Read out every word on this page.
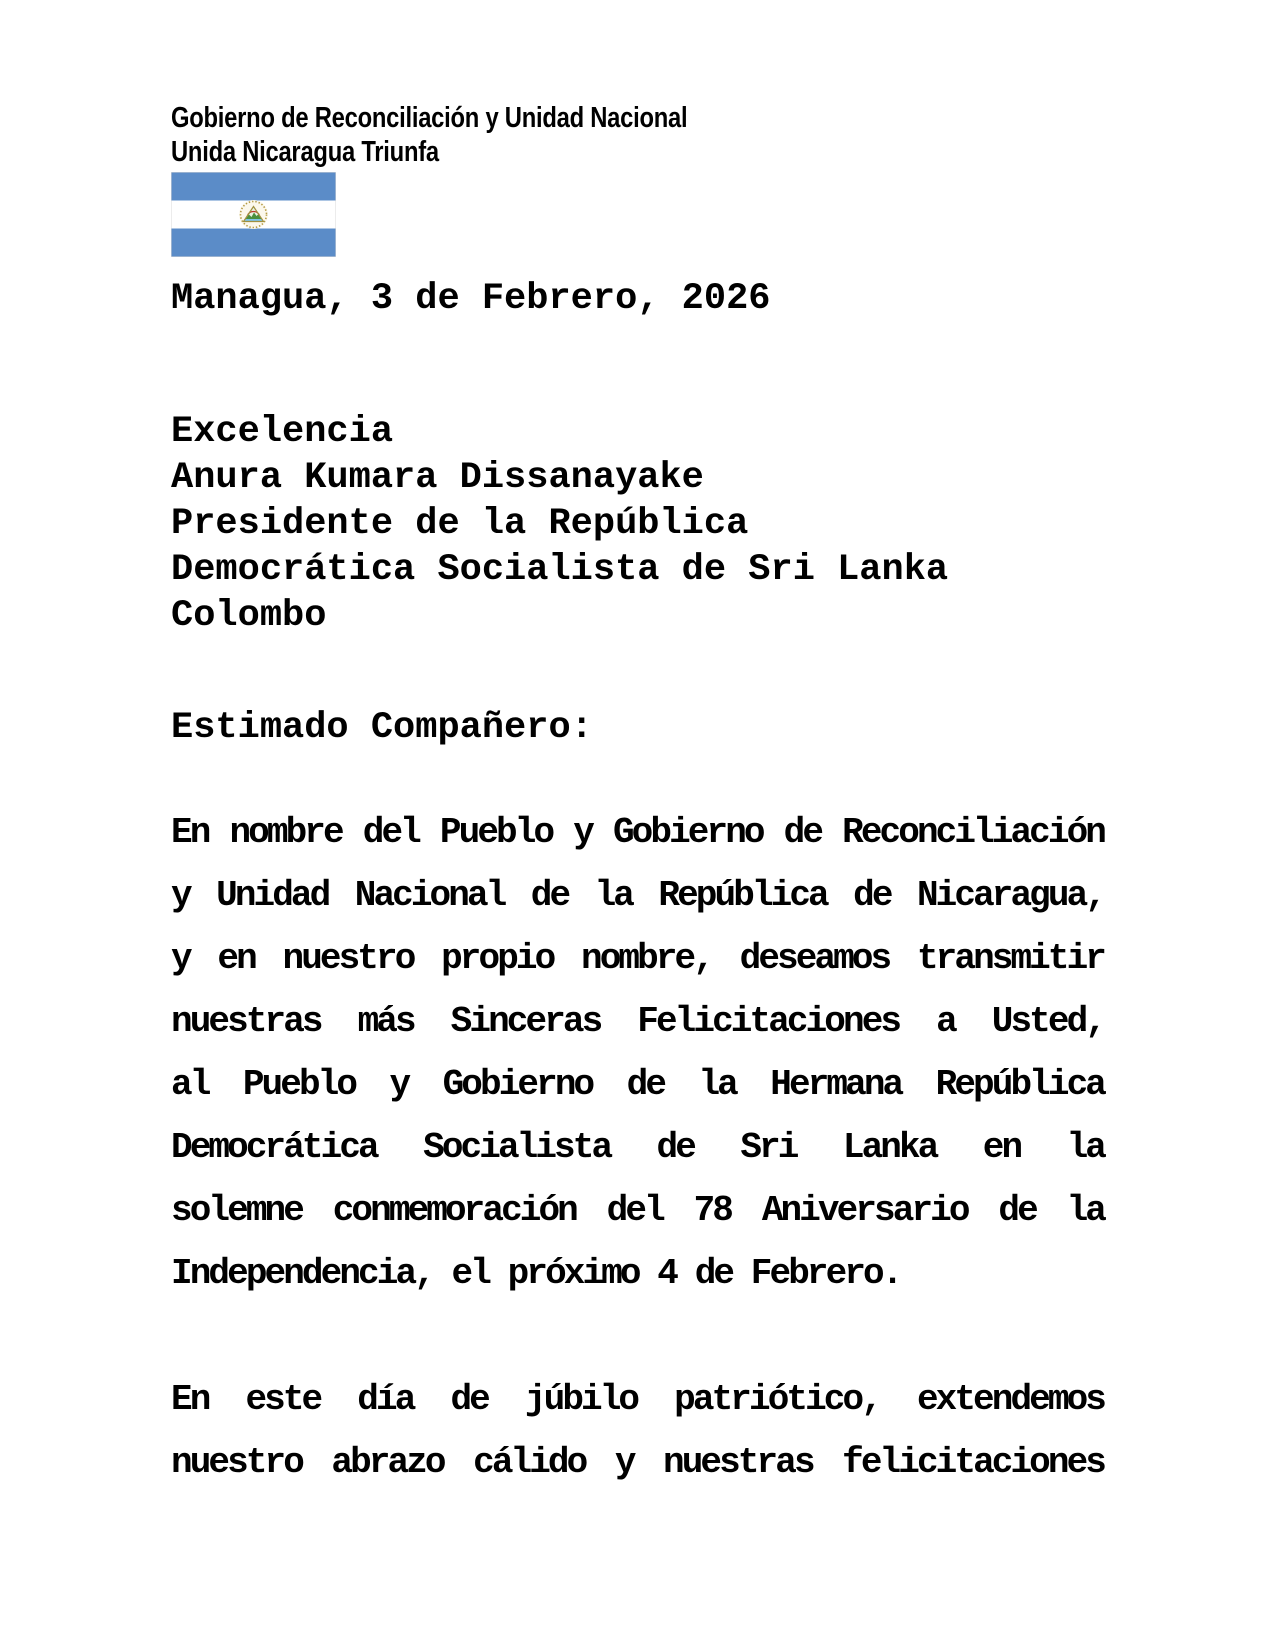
Gobierno de Reconciliación y Unidad Nacional
Unida Nicaragua Triunfa
Managua, 3 de Febrero, 2026
Excelencia
Anura Kumara Dissanayake
Presidente de la República
Democrática Socialista de Sri Lanka
Colombo
Estimado Compañero:
En nombre del Pueblo y Gobierno de Reconciliación
y Unidad Nacional de la República de Nicaragua,
y en nuestro propio nombre, deseamos transmitir
nuestras más Sinceras Felicitaciones a Usted,
al Pueblo y Gobierno de la Hermana República
Democrática Socialista de Sri Lanka en la
solemne conmemoración del 78 Aniversario de la
Independencia, el próximo 4 de Febrero.
En este día de júbilo patriótico, extendemos
nuestro abrazo cálido y nuestras felicitaciones
